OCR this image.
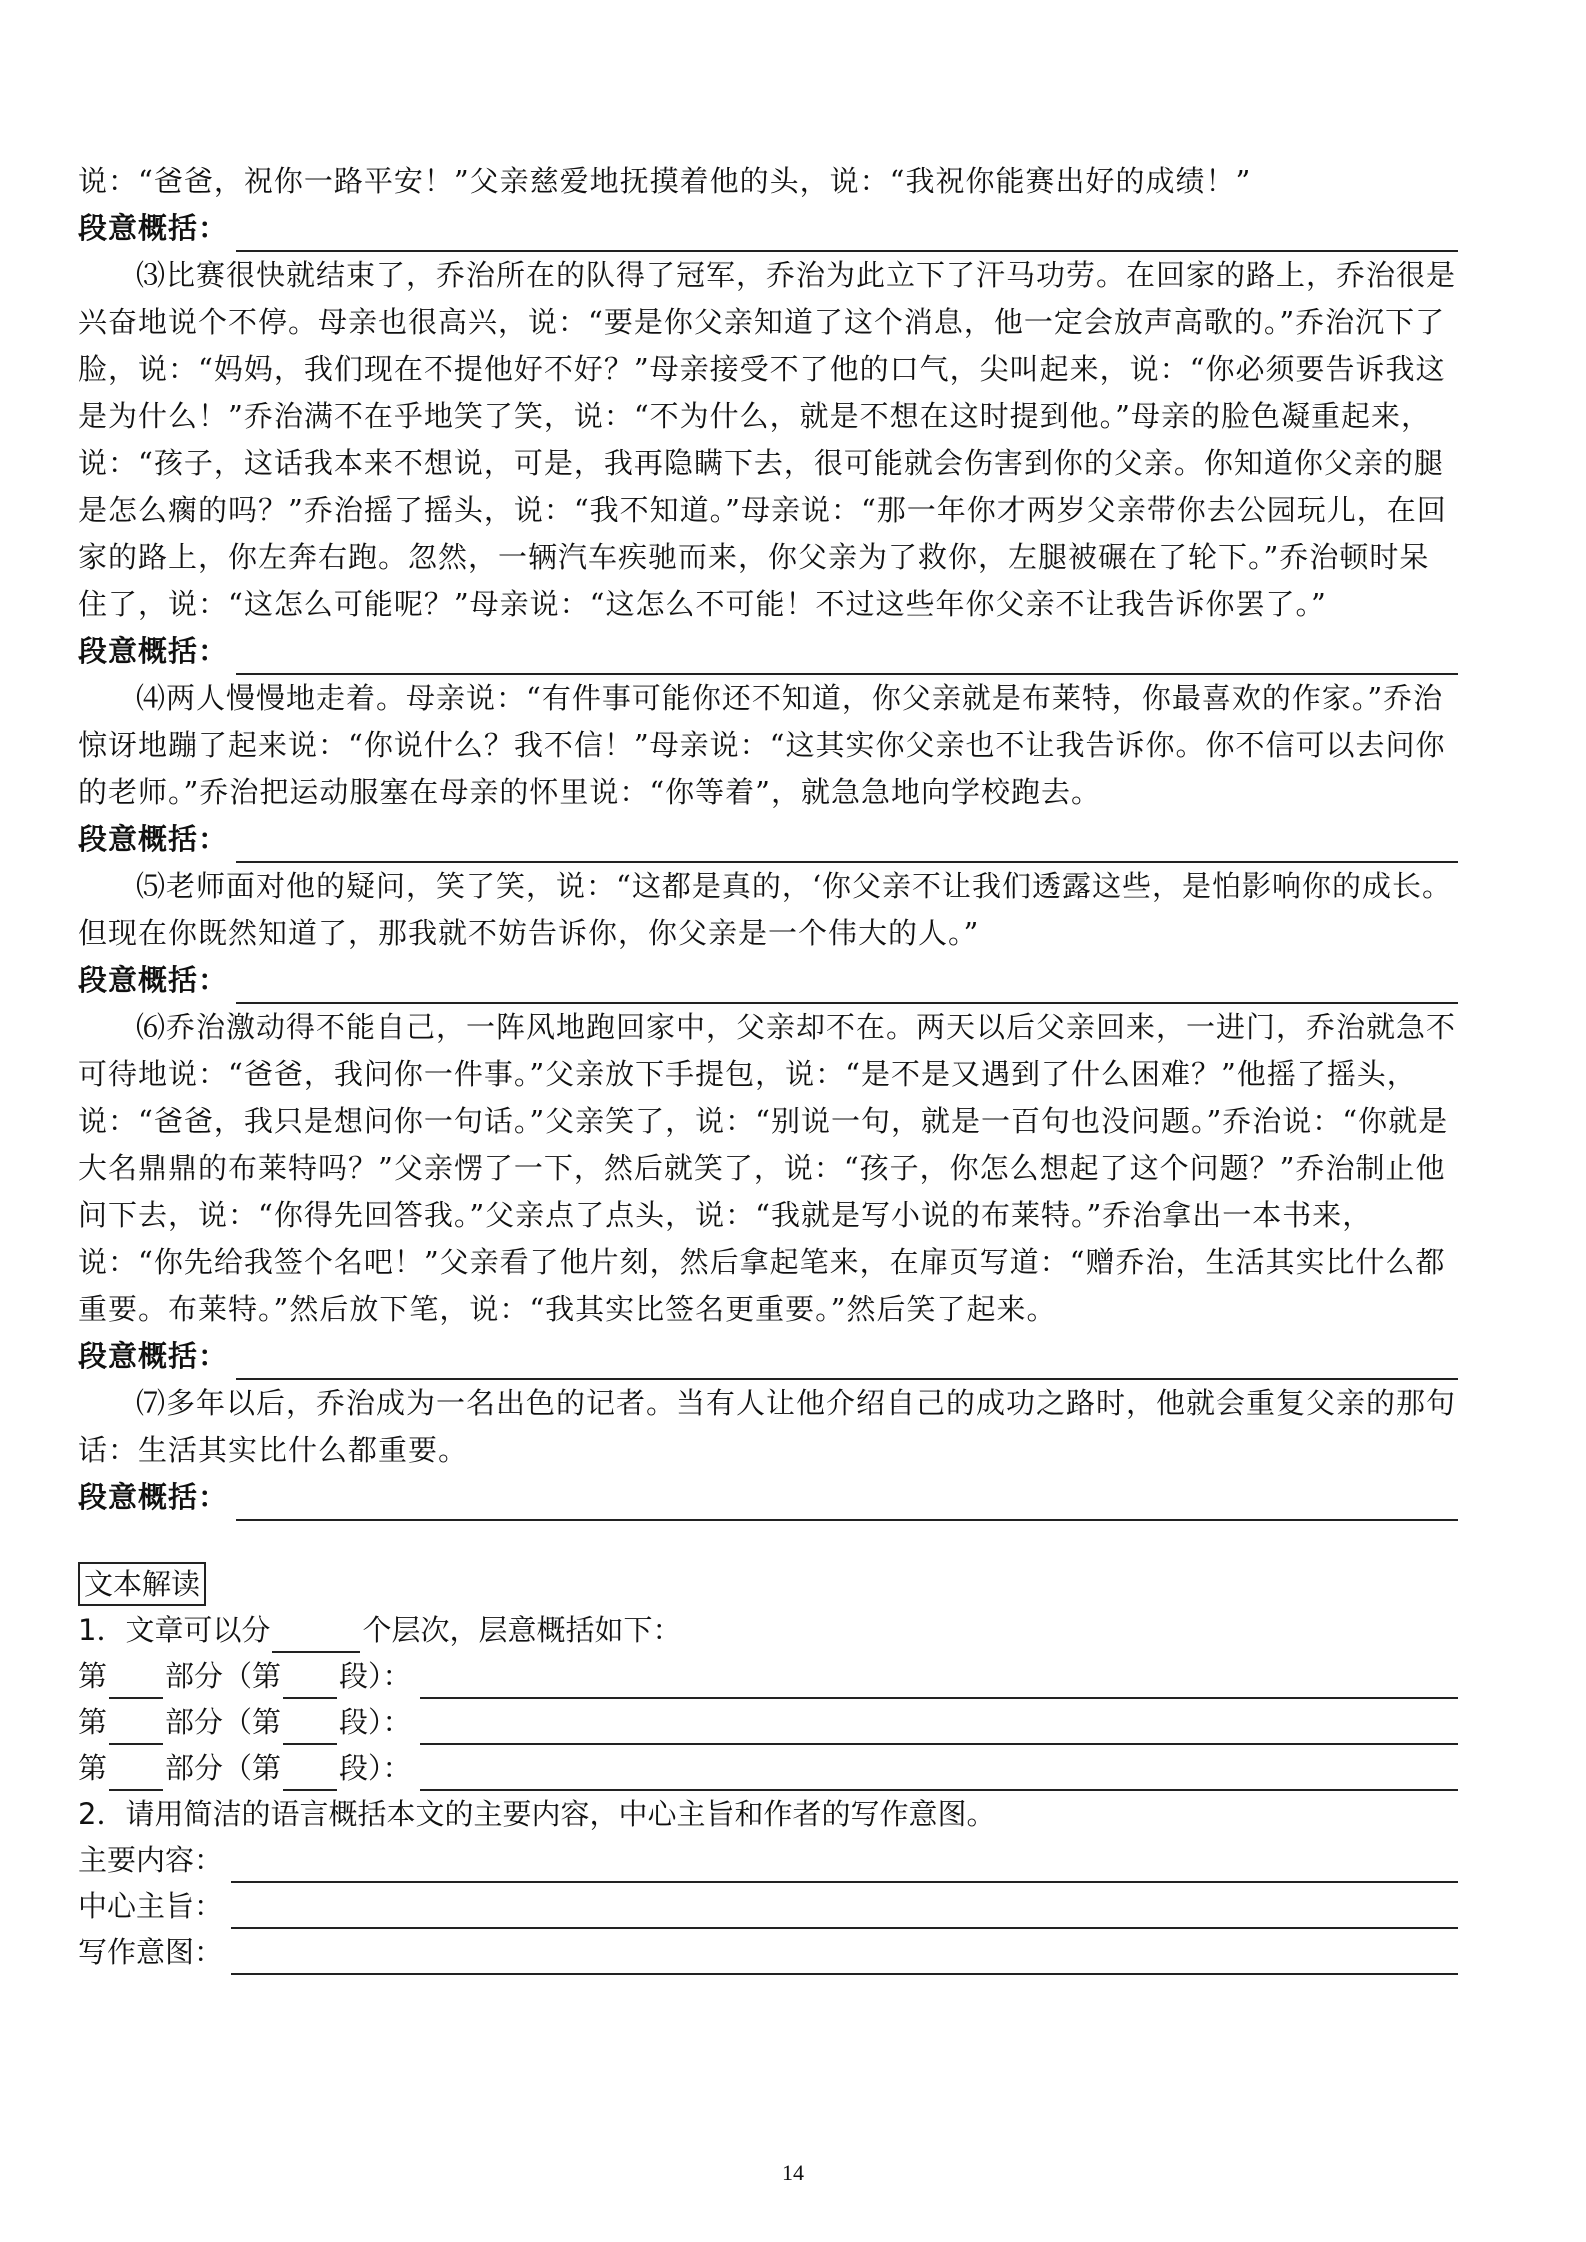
说：“爸爸，祝你一路平安！”父亲慈爱地抚摸着他的头，说：“我祝你能赛出好的成绩！”

段意概括：

⑶比赛很快就结束了，乔治所在的队得了冠军，乔治为此立下了汗马功劳。在回家的路上，乔治很是兴奋地说个不停。母亲也很高兴，说：“要是你父亲知道了这个消息，他一定会放声高歌的。”乔治沉下了脸，说：“妈妈，我们现在不提他好不好？”母亲接受不了他的口气，尖叫起来，说：“你必须要告诉我这是为什么！”乔治满不在乎地笑了笑，说：“不为什么，就是不想在这时提到他。”母亲的脸色凝重起来，说：“孩子，这话我本来不想说，可是，我再隐瞒下去，很可能就会伤害到你的父亲。你知道你父亲的腿是怎么瘸的吗？”乔治摇了摇头，说：“我不知道。”母亲说：“那一年你才两岁父亲带你去公园玩儿，在回家的路上，你左奔右跑。忽然，一辆汽车疾驰而来，你父亲为了救你，左腿被碾在了轮下。”乔治顿时呆住了，说：“这怎么可能呢？”母亲说：“这怎么不可能！不过这些年你父亲不让我告诉你罢了。”

段意概括：

⑷两人慢慢地走着。母亲说：“有件事可能你还不知道，你父亲就是布莱特，你最喜欢的作家。”乔治惊讶地蹦了起来说：“你说什么？我不信！”母亲说：“这其实你父亲也不让我告诉你。你不信可以去问你的老师。”乔治把运动服塞在母亲的怀里说：“你等着”，就急急地向学校跑去。

段意概括：

⑸老师面对他的疑问，笑了笑，说：“这都是真的，‘你父亲不让我们透露这些，是怕影响你的成长。但现在你既然知道了，那我就不妨告诉你，你父亲是一个伟大的人。”

段意概括：

⑹乔治激动得不能自己，一阵风地跑回家中，父亲却不在。两天以后父亲回来，一进门，乔治就急不可待地说：“爸爸，我问你一件事。”父亲放下手提包，说：“是不是又遇到了什么困难？”他摇了摇头，说：“爸爸，我只是想问你一句话。”父亲笑了，说：“别说一句，就是一百句也没问题。”乔治说：“你就是大名鼎鼎的布莱特吗？”父亲愣了一下，然后就笑了，说：“孩子，你怎么想起了这个问题？”乔治制止他问下去，说：“你得先回答我。”父亲点了点头，说：“我就是写小说的布莱特。”乔治拿出一本书来，说：“你先给我签个名吧！”父亲看了他片刻，然后拿起笔来，在扉页写道：“赠乔治，生活其实比什么都重要。布莱特。”然后放下笔，说：“我其实比签名更重要。”然后笑了起来。

段意概括：

⑺多年以后，乔治成为一名出色的记者。当有人让他介绍自己的成功之路时，他就会重复父亲的那句话：生活其实比什么都重要。

段意概括：
文本解读
1．文章可以分	个层次，层意概括如下：
第 部分（第 段）：
第 部分（第 段）：
第 部分（第 段）：
2．请用简洁的语言概括本文的主要内容，中心主旨和作者的写作意图。
主要内容：
中心主旨：
写作意图：
14
